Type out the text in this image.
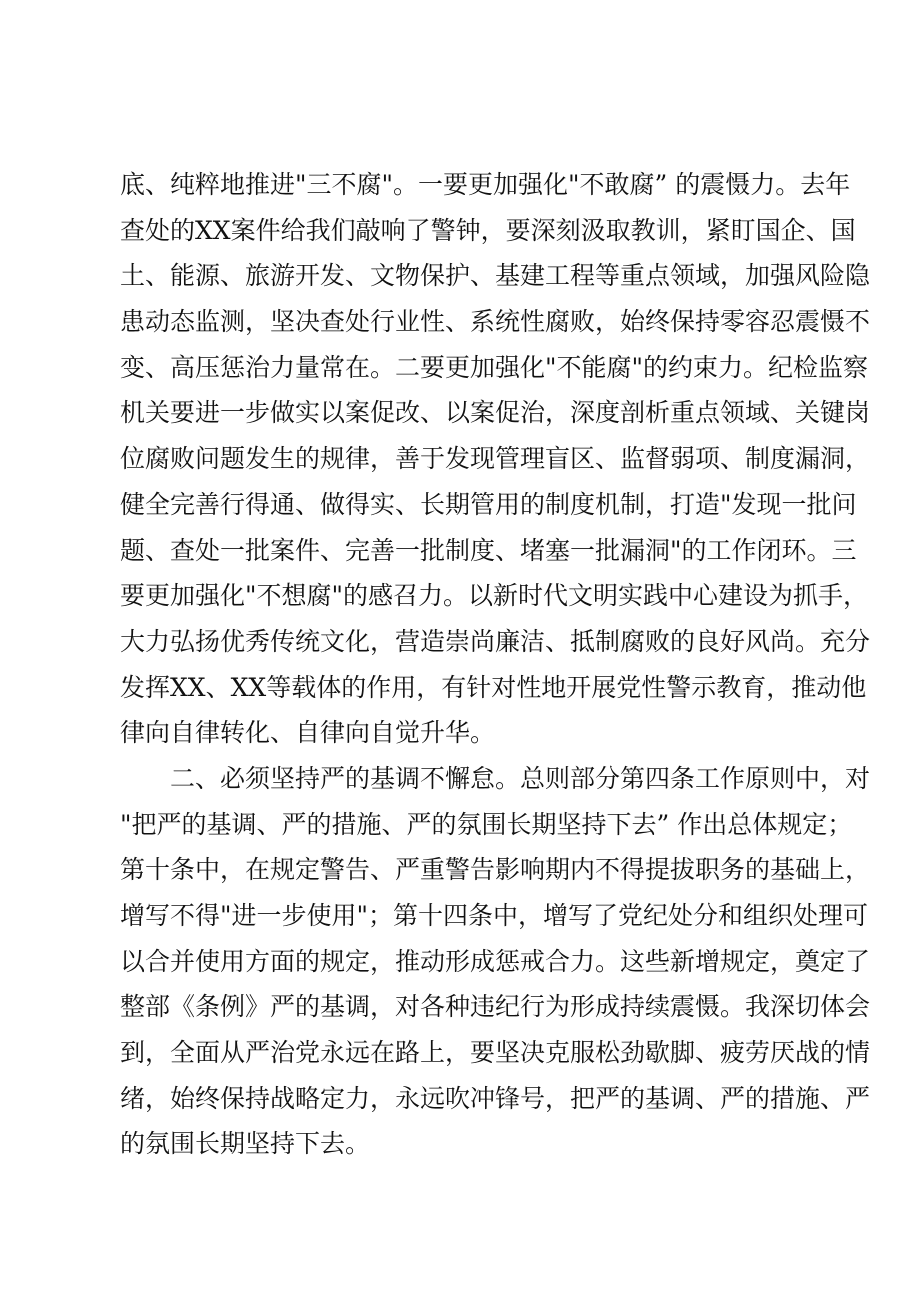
底、纯粹地推进"三不腐"。一要更加强化"不敢腐” 的震慑力。去年
查处的XX案件给我们敲响了警钟，要深刻汲取教训，紧盯国企、国
土、能源、旅游开发、文物保护、基建工程等重点领域，加强风险隐
患动态监测，坚决查处行业性、系统性腐败，始终保持零容忍震慑不
变、高压惩治力量常在。二要更加强化"不能腐"的约束力。纪检监察
机关要进一步做实以案促改、以案促治，深度剖析重点领域、关键岗
位腐败问题发生的规律，善于发现管理盲区、监督弱项、制度漏洞，
健全完善行得通、做得实、长期管用的制度机制，打造"发现一批问
题、查处一批案件、完善一批制度、堵塞一批漏洞"的工作闭环。三
要更加强化"不想腐"的感召力。以新时代文明实践中心建设为抓手，
大力弘扬优秀传统文化，营造崇尚廉洁、抵制腐败的良好风尚。充分
发挥XX、XX等载体的作用，有针对性地开展党性警示教育，推动他
律向自律转化、自律向自觉升华。
二、必须坚持严的基调不懈怠。总则部分第四条工作原则中，对
"把严的基调、严的措施、严的氛围长期坚持下去” 作出总体规定；
第十条中，在规定警告、严重警告影响期内不得提拔职务的基础上，
增写不得"进一步使用"；第十四条中，增写了党纪处分和组织处理可
以合并使用方面的规定，推动形成惩戒合力。这些新增规定，奠定了
整部《条例》严的基调，对各种违纪行为形成持续震慑。我深切体会
到，全面从严治党永远在路上，要坚决克服松劲歇脚、疲劳厌战的情
绪，始终保持战略定力，永远吹冲锋号，把严的基调、严的措施、严
的氛围长期坚持下去。
